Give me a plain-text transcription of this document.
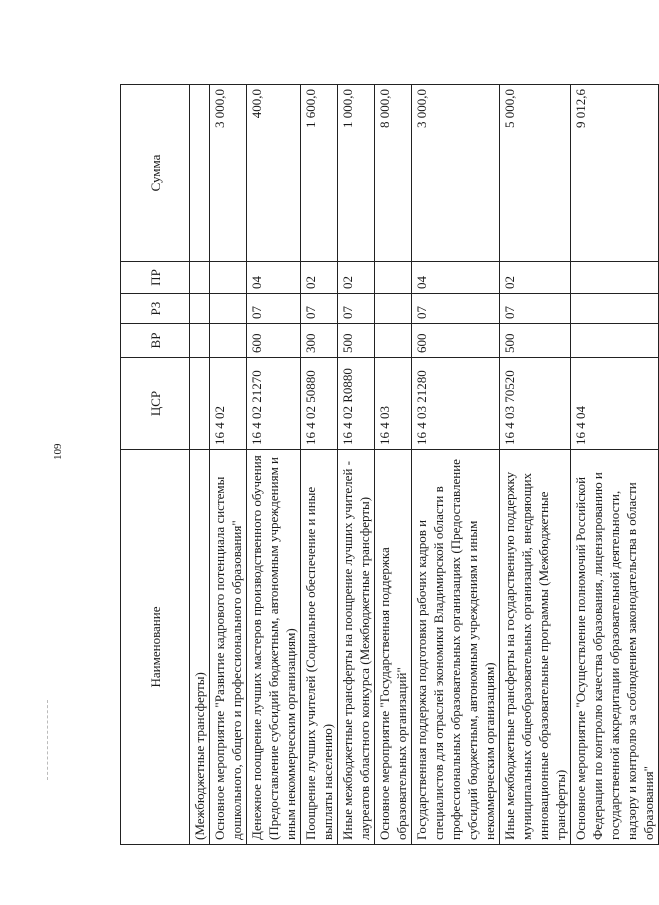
109
Наименование	ЦСР	ВР	РЗ	ПР	Сумма
(Межбюджетные трансферты)					
Основное мероприятие "Развитие кадрового потенциала системы дошкольного, общего и профессионального образования"	16 4 02				3 000,0
Денежное поощрение лучших мастеров производственного обучения (Предоставление субсидий бюджетным, автономным учреждениям и иным некоммерческим организациям)	16 4 02 21270	600	07	04	400,0
Поощрение лучших учителей (Социальное обеспечение и иные выплаты населению)	16 4 02 50880	300	07	02	1 600,0
Иные межбюджетные трансферты на поощрение лучших учителей - лауреатов областного конкурса (Межбюджетные трансферты)	16 4 02 R0880	500	07	02	1 000,0
Основное мероприятие "Государственная поддержка образовательных организаций"	16 4 03				8 000,0
Государственная поддержка подготовки рабочих кадров и специалистов для отраслей экономики Владимирской области в профессиональных образовательных организациях (Предоставление субсидий бюджетным, автономным учреждениям и иным некоммерческим организациям)	16 4 03 21280	600	07	04	3 000,0
Иные межбюджетные трансферты на государственную поддержку муниципальных общеобразовательных организаций, внедряющих инновационные образовательные программы (Межбюджетные трансферты)	16 4 03 70520	500	07	02	5 000,0
Основное мероприятие "Осуществление полномочий Российской Федерации по контролю качества образования, лицензированию и государственной аккредитации образовательной деятельности, надзору и контролю за соблюдением законодательства в области образования"	16 4 04				9 012,6
